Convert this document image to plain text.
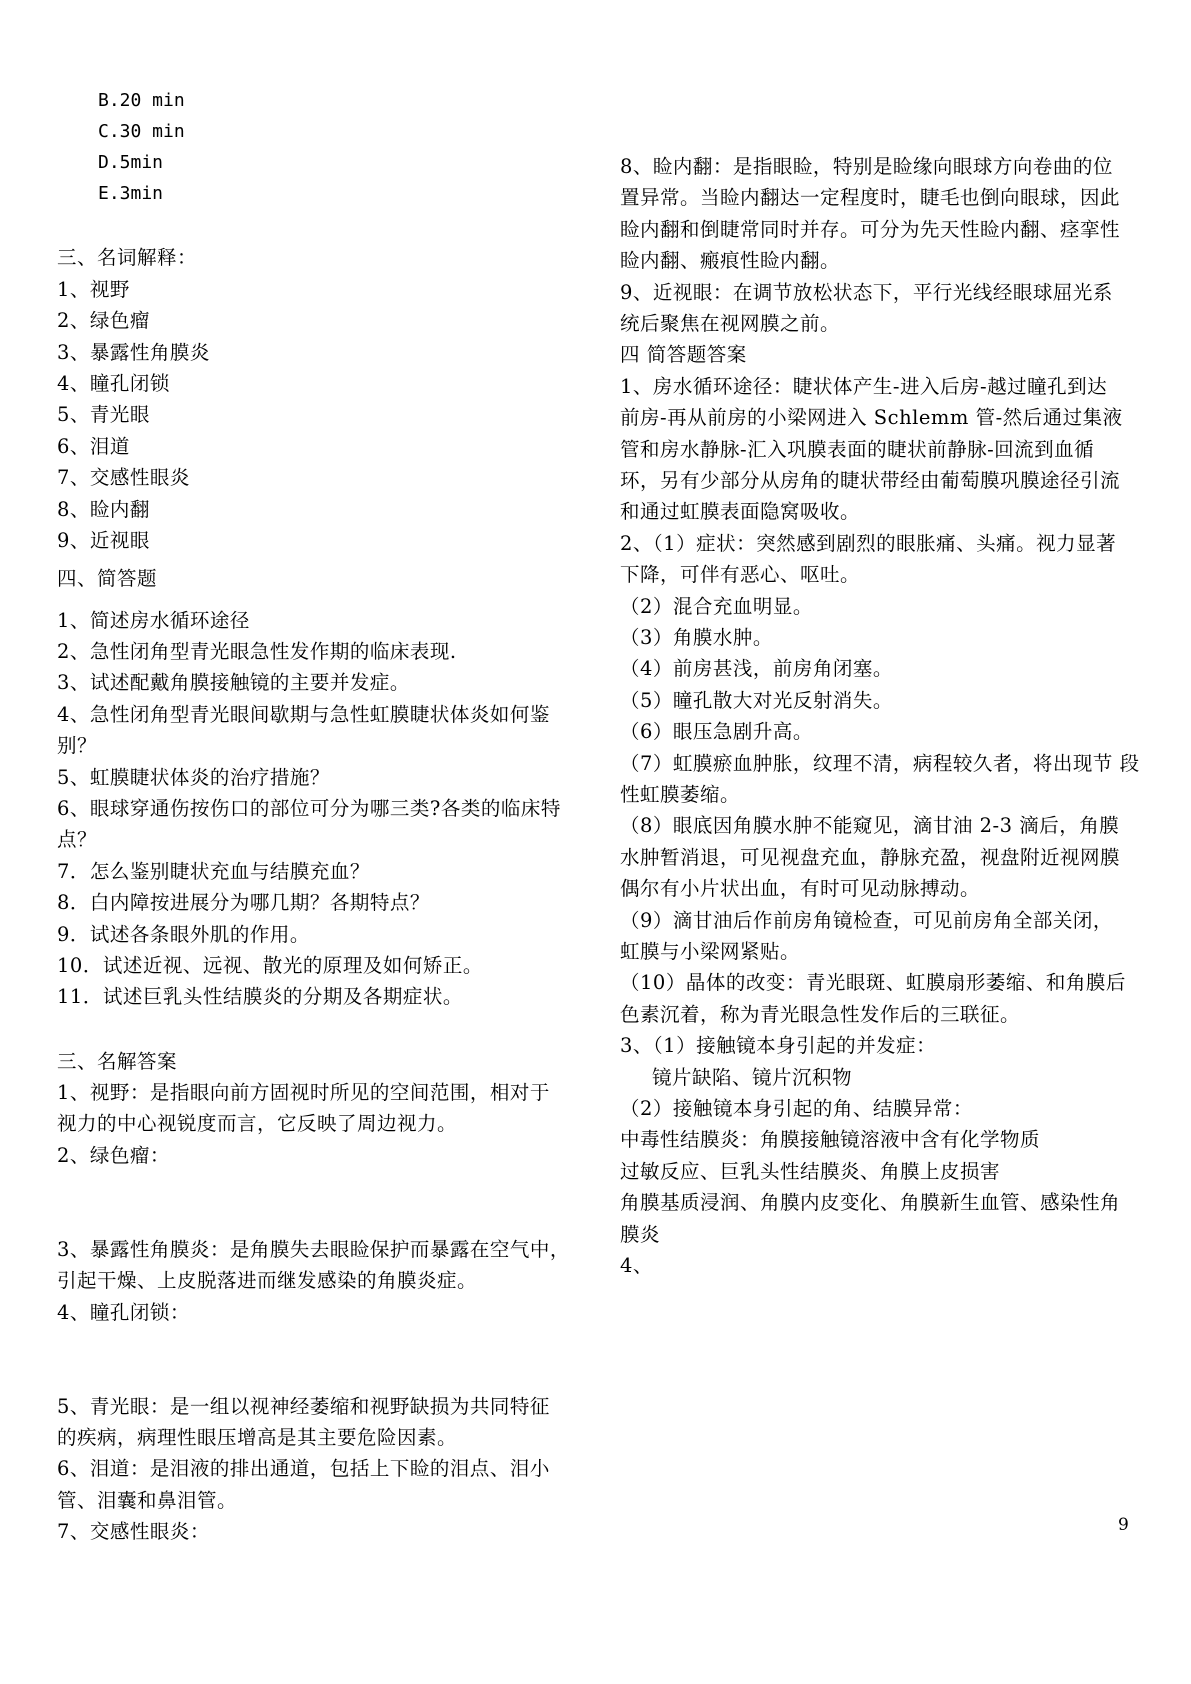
B.20 min
C.30 min
D.5min
E.3min
三、名词解释：
1、视野
2、绿色瘤
3、暴露性角膜炎
4、瞳孔闭锁
5、青光眼
6、泪道
7、交感性眼炎
8、睑内翻
9、近视眼
四、简答题
1、简述房水循环途径
2、急性闭角型青光眼急性发作期的临床表现.
3、试述配戴角膜接触镜的主要并发症。
4、急性闭角型青光眼间歇期与急性虹膜睫状体炎如何鉴
别？
5、虹膜睫状体炎的治疗措施？
6、眼球穿通伤按伤口的部位可分为哪三类?各类的临床特
点？
7．怎么鉴别睫状充血与结膜充血？
8．白内障按进展分为哪几期？各期特点？
9．试述各条眼外肌的作用。
10．试述近视、远视、散光的原理及如何矫正。
11．试述巨乳头性结膜炎的分期及各期症状。
三、名解答案
1、视野：是指眼向前方固视时所见的空间范围，相对于
视力的中心视锐度而言，它反映了周边视力。
2、绿色瘤：
3、暴露性角膜炎：是角膜失去眼睑保护而暴露在空气中，
引起干燥、上皮脱落进而继发感染的角膜炎症。
4、瞳孔闭锁：
5、青光眼：是一组以视神经萎缩和视野缺损为共同特征
的疾病，病理性眼压增高是其主要危险因素。
6、泪道：是泪液的排出通道，包括上下睑的泪点、泪小
管、泪囊和鼻泪管。
7、交感性眼炎：
8、睑内翻：是指眼睑，特别是睑缘向眼球方向卷曲的位
置异常。当睑内翻达一定程度时，睫毛也倒向眼球，因此
睑内翻和倒睫常同时并存。可分为先天性睑内翻、痉挛性
睑内翻、瘢痕性睑内翻。
9、近视眼：在调节放松状态下，平行光线经眼球屈光系
统后聚焦在视网膜之前。
四 简答题答案
1、房水循环途径：睫状体产生-进入后房-越过瞳孔到达
前房-再从前房的小梁网进入 Schlemm 管-然后通过集液
管和房水静脉-汇入巩膜表面的睫状前静脉-回流到血循
环，另有少部分从房角的睫状带经由葡萄膜巩膜途径引流
和通过虹膜表面隐窝吸收。
2、（1）症状：突然感到剧烈的眼胀痛、头痛。视力显著
下降，可伴有恶心、呕吐。
（2）混合充血明显。
（3）角膜水肿。
（4）前房甚浅，前房角闭塞。
（5）瞳孔散大对光反射消失。
（6）眼压急剧升高。
（7）虹膜瘀血肿胀，纹理不清，病程较久者，将出现节 段
性虹膜萎缩。
（8）眼底因角膜水肿不能窥见，滴甘油 2-3 滴后，角膜
水肿暂消退，可见视盘充血，静脉充盈，视盘附近视网膜
偶尔有小片状出血，有时可见动脉搏动。
（9）滴甘油后作前房角镜检查，可见前房角全部关闭，
虹膜与小梁网紧贴。
（10）晶体的改变：青光眼斑、虹膜扇形萎缩、和角膜后
色素沉着，称为青光眼急性发作后的三联征。
3、（1）接触镜本身引起的并发症：
镜片缺陷、镜片沉积物
（2）接触镜本身引起的角、结膜异常：
中毒性结膜炎：角膜接触镜溶液中含有化学物质
过敏反应、巨乳头性结膜炎、角膜上皮损害
角膜基质浸润、角膜内皮变化、角膜新生血管、感染性角
膜炎
4、
9
